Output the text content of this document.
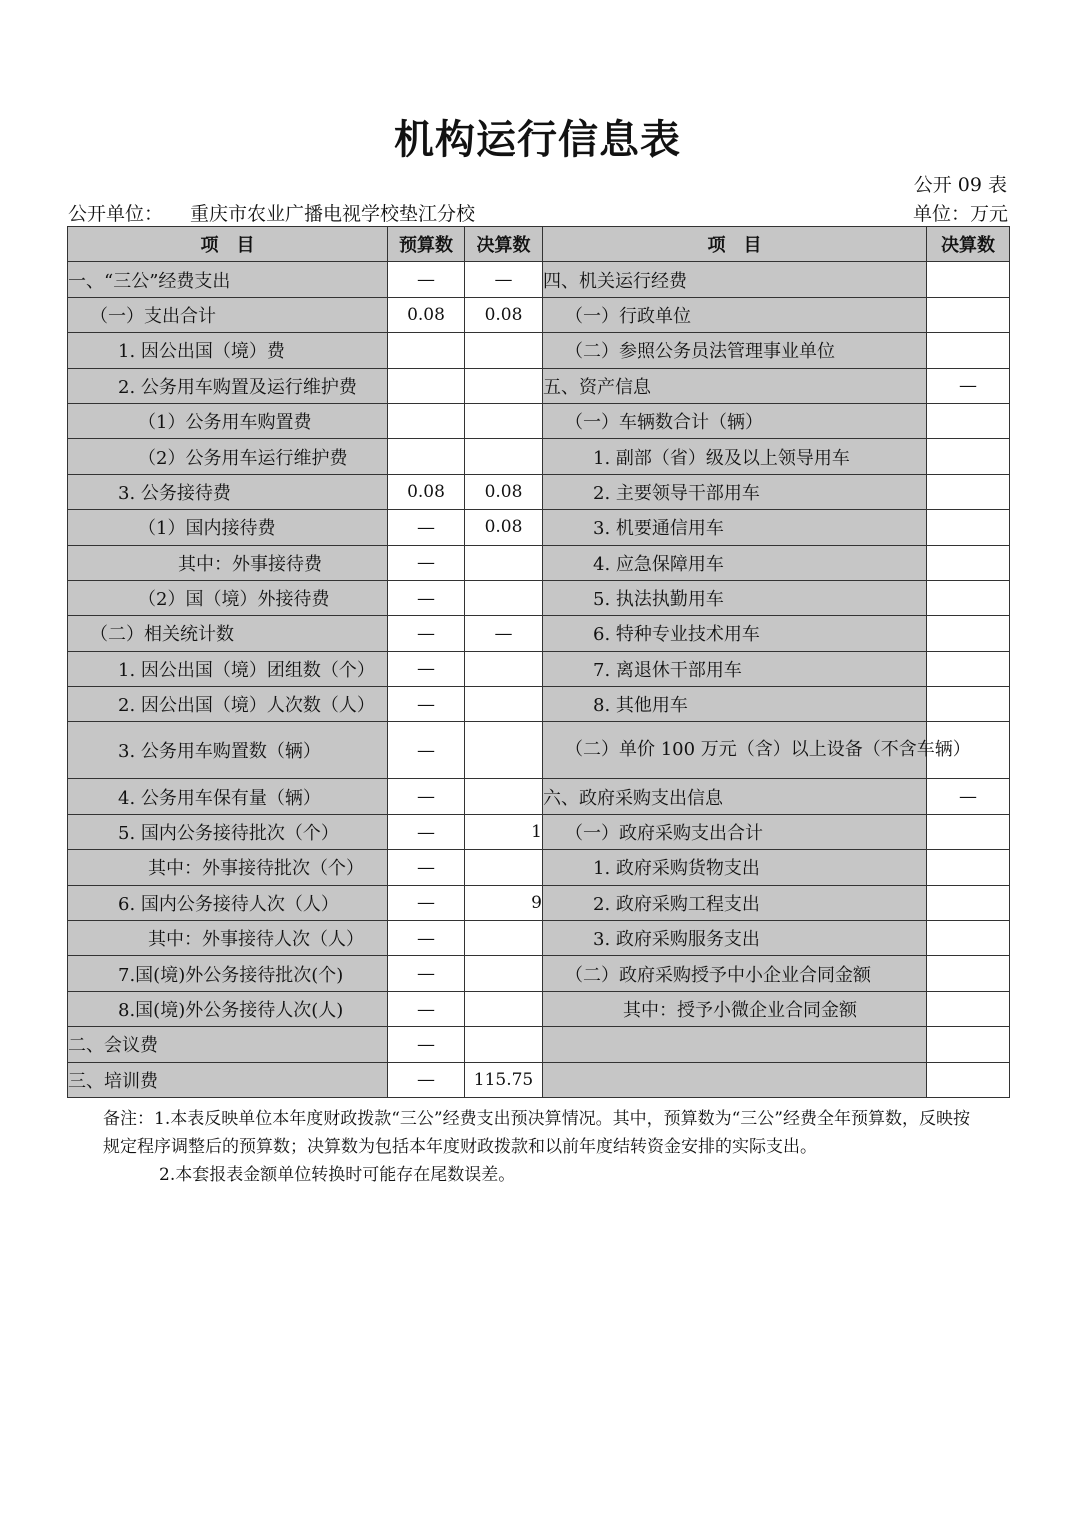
机构运行信息表
公开 09 表
公开单位： 重庆市农业广播电视学校垫江分校	单位：万元
项　目	预算数	决算数	项　目	决算数
一、“三公”经费支出	—	—	四、机关运行经费	
（一）支出合计	0.08	0.08	（一）行政单位	
1. 因公出国（境）费			（二）参照公务员法管理事业单位	
2. 公务用车购置及运行维护费			五、资产信息	—
（1）公务用车购置费			（一）车辆数合计（辆）	
（2）公务用车运行维护费			1. 副部（省）级及以上领导用车	
3. 公务接待费	0.08	0.08	2. 主要领导干部用车	
（1）国内接待费	—	0.08	3. 机要通信用车	
其中：外事接待费	—		4. 应急保障用车	
（2）国（境）外接待费	—		5. 执法执勤用车	
（二）相关统计数	—	—	6. 特种专业技术用车	
1. 因公出国（境）团组数（个）	—		7. 离退休干部用车	
2. 因公出国（境）人次数（人）	—		8. 其他用车	
3. 公务用车购置数（辆）	—		（二）单价 100 万元（含）以上设备（不含车辆）	
4. 公务用车保有量（辆）	—		六、政府采购支出信息	—
5. 国内公务接待批次（个）	—	1	（一）政府采购支出合计	
其中：外事接待批次（个）	—		1. 政府采购货物支出	
6. 国内公务接待人次（人）	—	9	2. 政府采购工程支出	
其中：外事接待人次（人）	—		3. 政府采购服务支出	
7.国(境)外公务接待批次(个)	—		（二）政府采购授予中小企业合同金额	
8.国(境)外公务接待人次(人)	—		其中：授予小微企业合同金额	
二、会议费	—			
三、培训费	—	115.75		
备注：1.本表反映单位本年度财政拨款“三公”经费支出预决算情况。其中，预算数为“三公”经费全年预算数，反映按规定程序调整后的预算数；决算数为包括本年度财政拨款和以前年度结转资金安排的实际支出。
2.本套报表金额单位转换时可能存在尾数误差。
